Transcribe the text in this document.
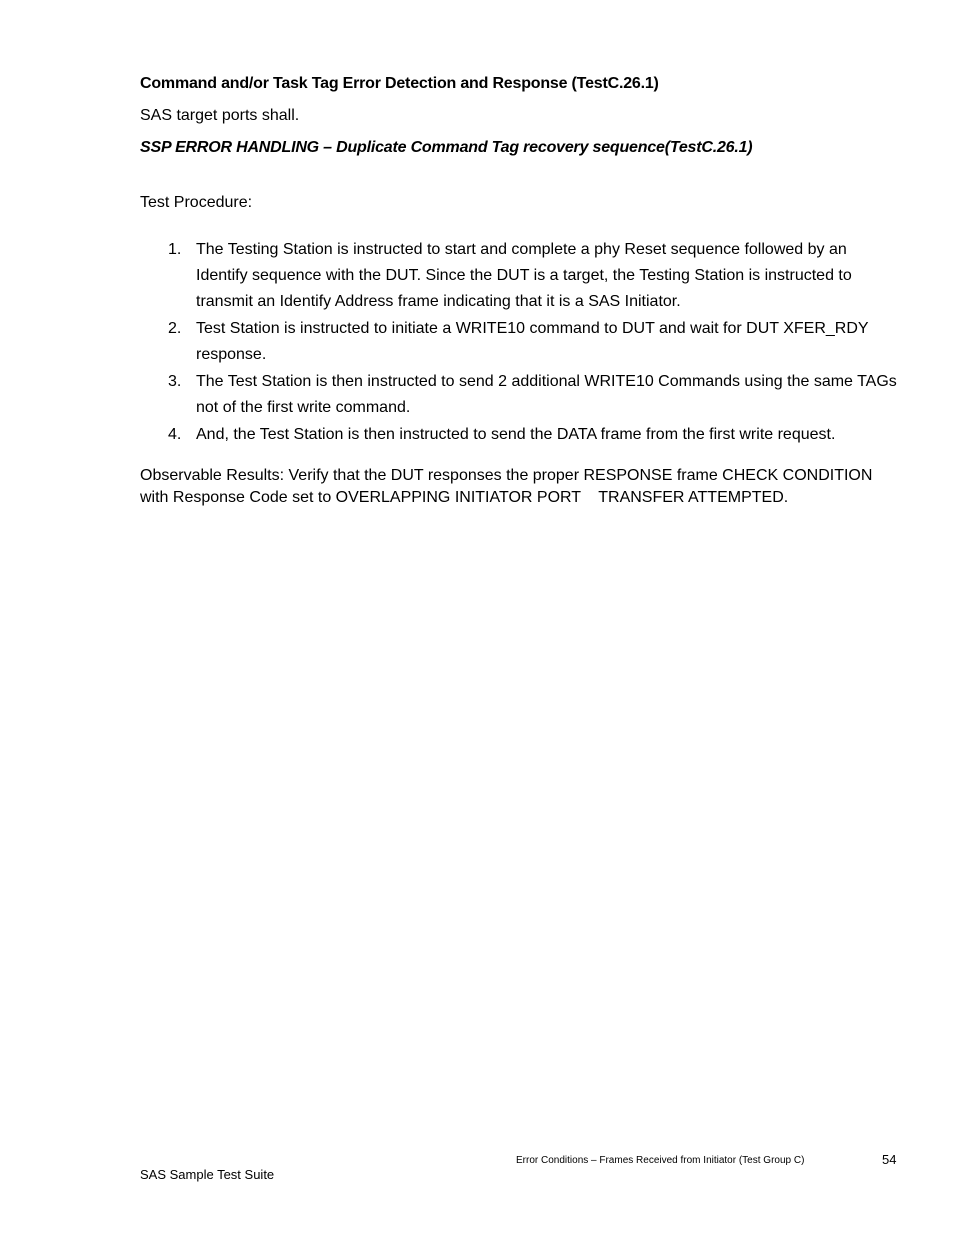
Command and/or Task Tag Error Detection and Response (TestC.26.1)

SAS target ports shall.

SSP ERROR HANDLING – Duplicate Command Tag recovery sequence(TestC.26.1)

Test Procedure:

1. The Testing Station is instructed to start and complete a phy Reset sequence followed by an Identify sequence with the DUT. Since the DUT is a target, the Testing Station is instructed to transmit an Identify Address frame indicating that it is a SAS Initiator.
2. Test Station is instructed to initiate a WRITE10 command to DUT and wait for DUT XFER_RDY response.
3. The Test Station is then instructed to send 2 additional WRITE10 Commands using the same TAGs not of the first write command.
4. And, the Test Station is then instructed to send the DATA frame from the first write request.

Observable Results: Verify that the DUT responses the proper RESPONSE frame CHECK CONDITION with Response Code set to OVERLAPPING INITIATOR PORT    TRANSFER ATTEMPTED.

Error Conditions – Frames Received from Initiator (Test Group C)	54

SAS Sample Test Suite
